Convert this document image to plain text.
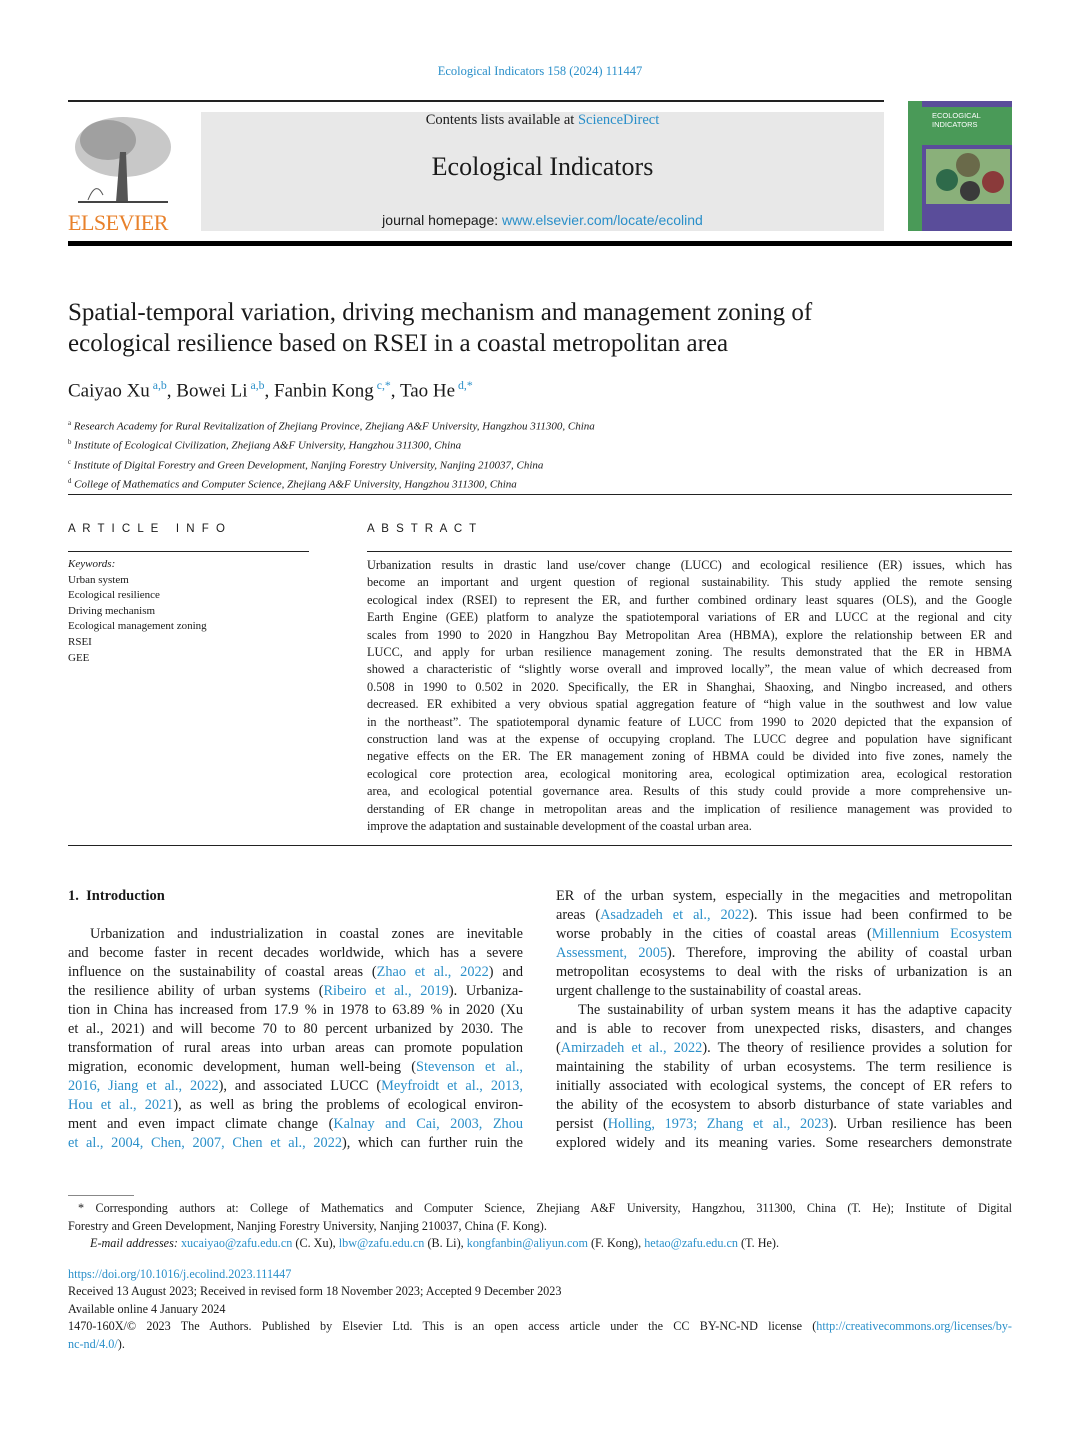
Ecological Indicators 158 (2024) 111447
ELSEVIER
Contents lists available at ScienceDirect
Ecological Indicators
journal homepage: www.elsevier.com/locate/ecolind
ECOLOGICAL INDICATORS
Spatial-temporal variation, driving mechanism and management zoning of
ecological resilience based on RSEI in a coastal metropolitan area
Caiyao Xu $^{a,b}$, Bowei Li $^{a,b}$, Fanbin Kong $^{c,*}$, Tao He $^{d,*}$
$^a$ Research Academy for Rural Revitalization of Zhejiang Province, Zhejiang A&F University, Hangzhou 311300, China
$^b$ Institute of Ecological Civilization, Zhejiang A&F University, Hangzhou 311300, China
$^c$ Institute of Digital Forestry and Green Development, Nanjing Forestry University, Nanjing 210037, China
$^d$ College of Mathematics and Computer Science, Zhejiang A&F University, Hangzhou 311300, China
A R T I C L E   I N F O
Keywords:
Urban system
Ecological resilience
Driving mechanism
Ecological management zoning
RSEI
GEE
A B S T R A C T
Urbanization results in drastic land use/cover change (LUCC) and ecological resilience (ER) issues, which has
become an important and urgent question of regional sustainability. This study applied the remote sensing
ecological index (RSEI) to represent the ER, and further combined ordinary least squares (OLS), and the Google
Earth Engine (GEE) platform to analyze the spatiotemporal variations of ER and LUCC at the regional and city
scales from 1990 to 2020 in Hangzhou Bay Metropolitan Area (HBMA), explore the relationship between ER and
LUCC, and apply for urban resilience management zoning. The results demonstrated that the ER in HBMA
showed a characteristic of “slightly worse overall and improved locally”, the mean value of which decreased from
0.508 in 1990 to 0.502 in 2020. Specifically, the ER in Shanghai, Shaoxing, and Ningbo increased, and others
decreased. ER exhibited a very obvious spatial aggregation feature of “high value in the southwest and low value
in the northeast”. The spatiotemporal dynamic feature of LUCC from 1990 to 2020 depicted that the expansion of
construction land was at the expense of occupying cropland. The LUCC degree and population have significant
negative effects on the ER. The ER management zoning of HBMA could be divided into five zones, namely the
ecological core protection area, ecological monitoring area, ecological optimization area, ecological restoration
area, and ecological potential governance area. Results of this study could provide a more comprehensive un-
derstanding of ER change in metropolitan areas and the implication of resilience management was provided to
improve the adaptation and sustainable development of the coastal urban area.
1.  Introduction
Urbanization and industrialization in coastal zones are inevitable
and become faster in recent decades worldwide, which has a severe
influence on the sustainability of coastal areas (Zhao et al., 2022) and
the resilience ability of urban systems (Ribeiro et al., 2019). Urbaniza-
tion in China has increased from 17.9 % in 1978 to 63.89 % in 2020 (Xu
et al., 2021) and will become 70 to 80 percent urbanized by 2030. The
transformation of rural areas into urban areas can promote population
migration, economic development, human well-being (Stevenson et al.,
2016, Jiang et al., 2022), and associated LUCC (Meyfroidt et al., 2013,
Hou et al., 2021), as well as bring the problems of ecological environ-
ment and even impact climate change (Kalnay and Cai, 2003, Zhou
et al., 2004, Chen, 2007, Chen et al., 2022), which can further ruin the
ER of the urban system, especially in the megacities and metropolitan
areas (Asadzadeh et al., 2022). This issue had been confirmed to be
worse probably in the cities of coastal areas (Millennium Ecosystem
Assessment, 2005). Therefore, improving the ability of coastal urban
metropolitan ecosystems to deal with the risks of urbanization is an
urgent challenge to the sustainability of coastal areas.
The sustainability of urban system means it has the adaptive capacity
and is able to recover from unexpected risks, disasters, and changes
(Amirzadeh et al., 2022). The theory of resilience provides a solution for
maintaining the stability of urban ecosystems. The term resilience is
initially associated with ecological systems, the concept of ER refers to
the ability of the ecosystem to absorb disturbance of state variables and
persist (Holling, 1973; Zhang et al., 2023). Urban resilience has been
explored widely and its meaning varies. Some researchers demonstrate
* Corresponding authors at: College of Mathematics and Computer Science, Zhejiang A&F University, Hangzhou, 311300, China (T. He); Institute of Digital
Forestry and Green Development, Nanjing Forestry University, Nanjing 210037, China (F. Kong).
E-mail addresses: xucaiyao@zafu.edu.cn (C. Xu), lbw@zafu.edu.cn (B. Li), kongfanbin@aliyun.com (F. Kong), hetao@zafu.edu.cn (T. He).
https://doi.org/10.1016/j.ecolind.2023.111447
Received 13 August 2023; Received in revised form 18 November 2023; Accepted 9 December 2023
Available online 4 January 2024
1470-160X/© 2023 The Authors. Published by Elsevier Ltd. This is an open access article under the CC BY-NC-ND license (http://creativecommons.org/licenses/by-
nc-nd/4.0/).
